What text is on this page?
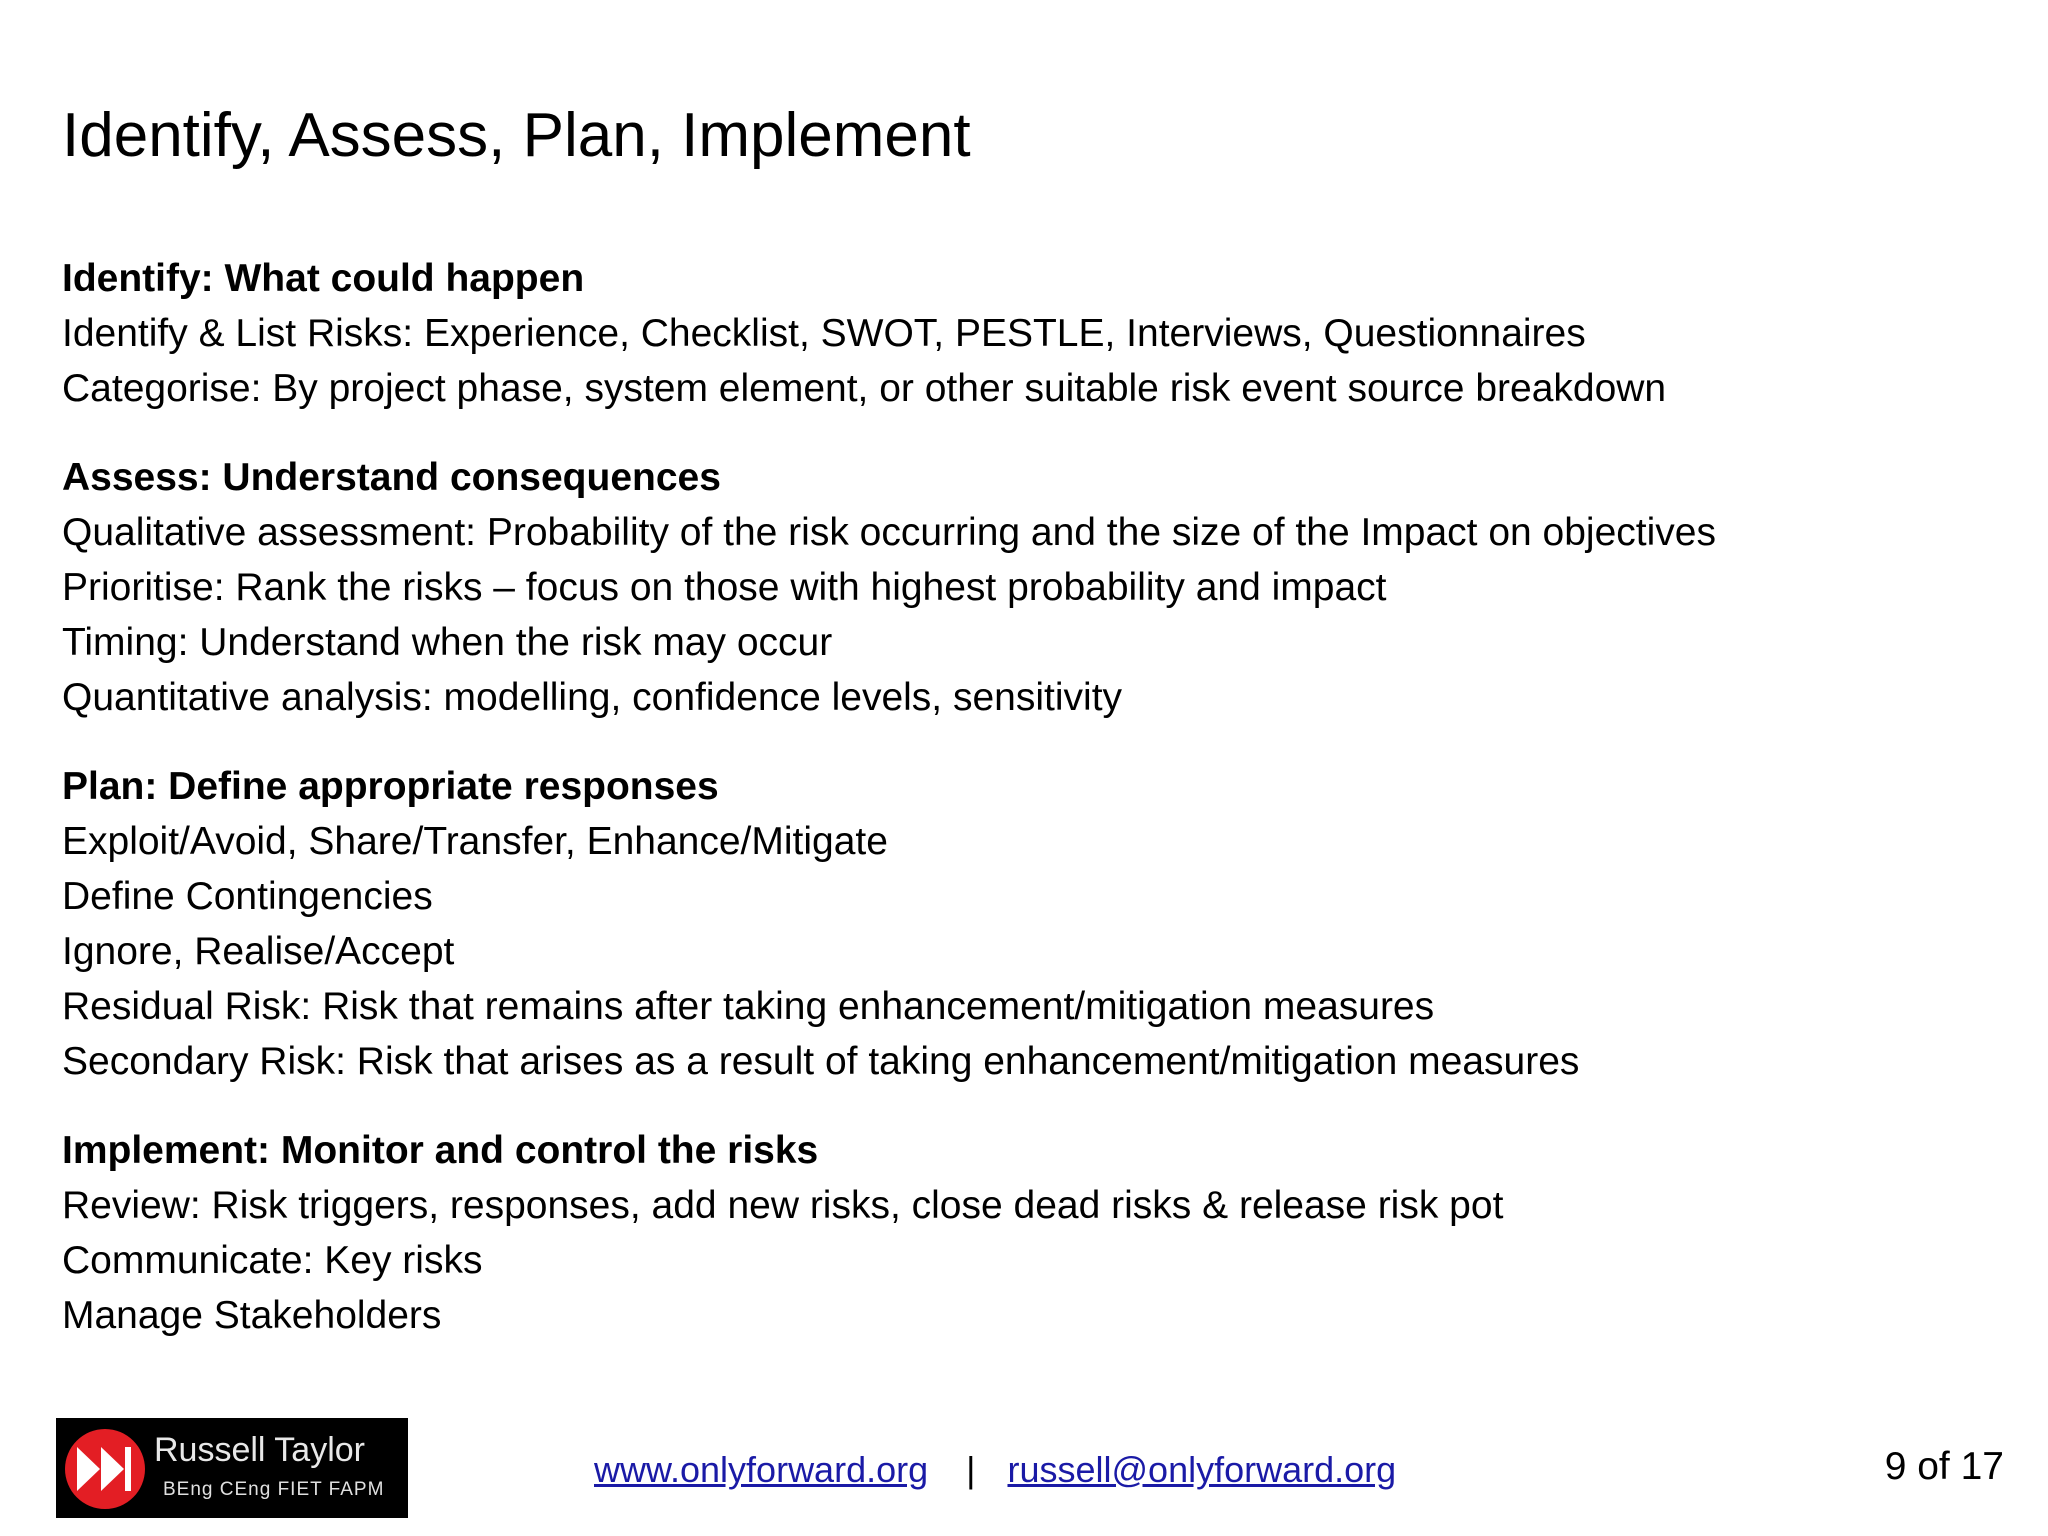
Identify, Assess, Plan, Implement
Identify: What could happen
Identify & List Risks: Experience, Checklist, SWOT, PESTLE, Interviews, Questionnaires
Categorise: By project phase, system element, or other suitable risk event source breakdown
Assess: Understand consequences
Qualitative assessment: Probability of the risk occurring and the size of the Impact on objectives
Prioritise: Rank the risks – focus on those with highest probability and impact
Timing: Understand when the risk may occur
Quantitative analysis: modelling, confidence levels, sensitivity
Plan: Define appropriate responses
Exploit/Avoid, Share/Transfer, Enhance/Mitigate
Define Contingencies
Ignore, Realise/Accept
Residual Risk: Risk that remains after taking enhancement/mitigation measures
Secondary Risk: Risk that arises as a result of taking enhancement/mitigation measures
Implement: Monitor and control the risks
Review: Risk triggers, responses, add new risks, close dead risks & release risk pot
Communicate: Key risks
Manage Stakeholders
Russell Taylor
BEng CEng FIET FAPM	www.onlyforward.org | russell@onlyforward.org	9 of 17
